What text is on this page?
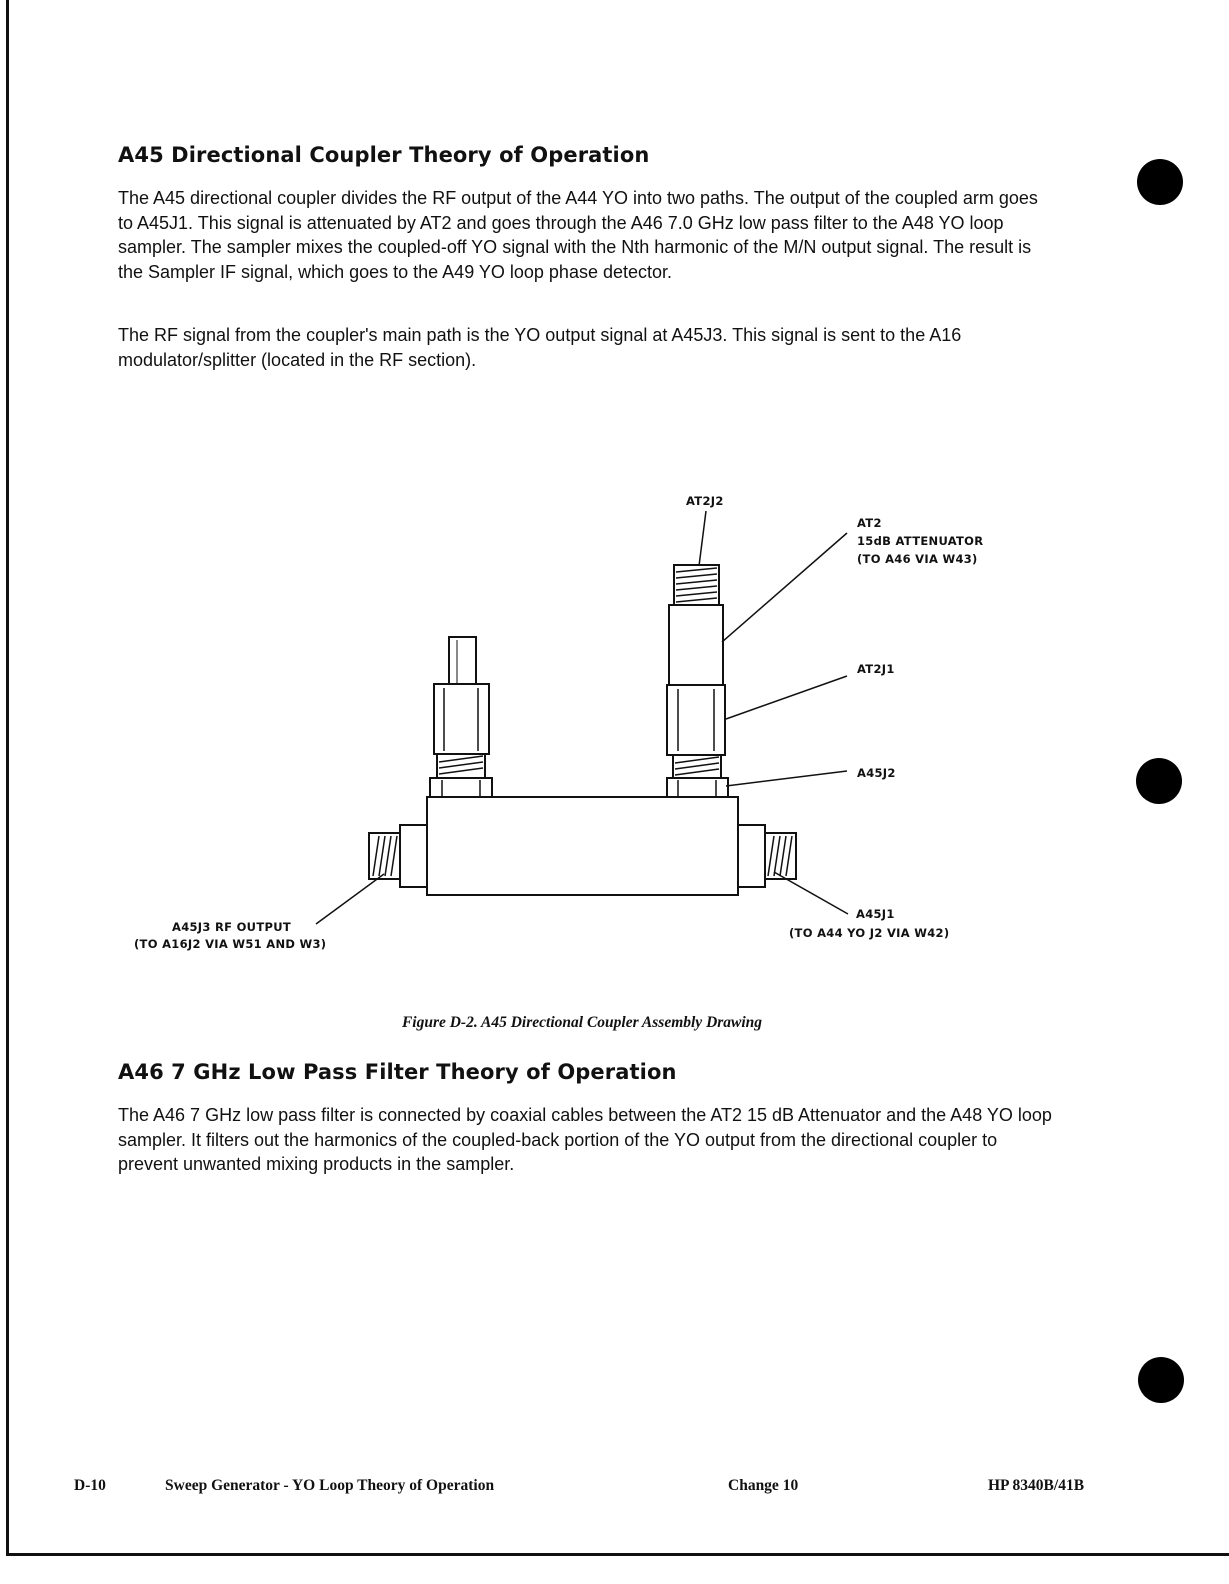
A45 Directional Coupler Theory of Operation

The A45 directional coupler divides the RF output of the A44 YO into two paths. The output of the coupled arm goes to A45J1. This signal is attenuated by AT2 and goes through the A46 7.0 GHz low pass filter to the A48 YO loop sampler. The sampler mixes the coupled-off YO signal with the Nth harmonic of the M/N output signal. The result is the Sampler IF signal, which goes to the A49 YO loop phase detector.

The RF signal from the coupler's main path is the YO output signal at A45J3. This signal is sent to the A16 modulator/splitter (located in the RF section).

AT2J2
AT2
15dB ATTENUATOR
(TO A46 VIA W43)
AT2J1
A45J2
A45J1
(TO A44 YO J2 VIA W42)
A45J3 RF OUTPUT
(TO A16J2 VIA W51 AND W3)
Figure D-2. A45 Directional Coupler Assembly Drawing
A46 7 GHz Low Pass Filter Theory of Operation

The A46 7 GHz low pass filter is connected by coaxial cables between the AT2 15 dB Attenuator and the A48 YO loop sampler. It filters out the harmonics of the coupled-back portion of the YO output from the directional coupler to prevent unwanted mixing products in the sampler.

D-10	Sweep Generator - YO Loop Theory of Operation	Change 10	HP 8340B/41B
